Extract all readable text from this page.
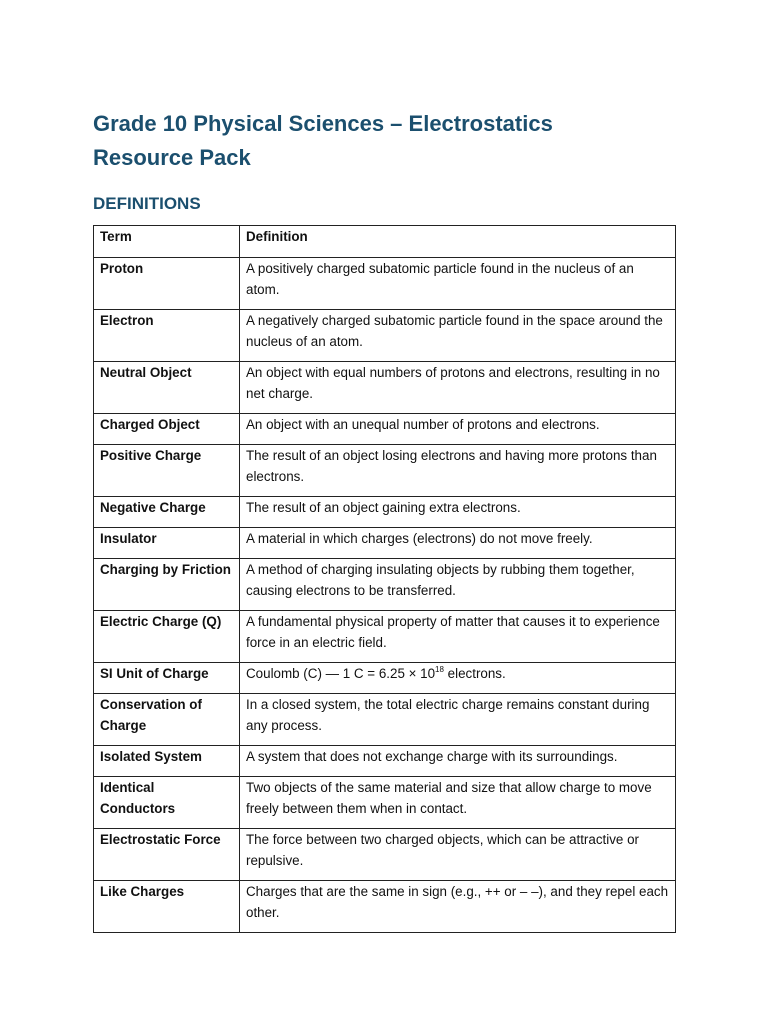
Grade 10 Physical Sciences – Electrostatics
Resource Pack
DEFINITIONS
Term	Definition
Proton	A positively charged subatomic particle found in the nucleus of an atom.
Electron	A negatively charged subatomic particle found in the space around the nucleus of an atom.
Neutral Object	An object with equal numbers of protons and electrons, resulting in no net charge.
Charged Object	An object with an unequal number of protons and electrons.
Positive Charge	The result of an object losing electrons and having more protons than electrons.
Negative Charge	The result of an object gaining extra electrons.
Insulator	A material in which charges (electrons) do not move freely.
Charging by Friction	A method of charging insulating objects by rubbing them together, causing electrons to be transferred.
Electric Charge (Q)	A fundamental physical property of matter that causes it to experience force in an electric field.
SI Unit of Charge	Coulomb (C) — 1 $C = 6.25 \times 10^{18}$ electrons.
Conservation of Charge	In a closed system, the total electric charge remains constant during any process.
Isolated System	A system that does not exchange charge with its surroundings.
Identical Conductors	Two objects of the same material and size that allow charge to move freely between them when in contact.
Electrostatic Force	The force between two charged objects, which can be attractive or repulsive.
Like Charges	Charges that are the same in sign (e.g., ++ or – –), and they repel each other.
